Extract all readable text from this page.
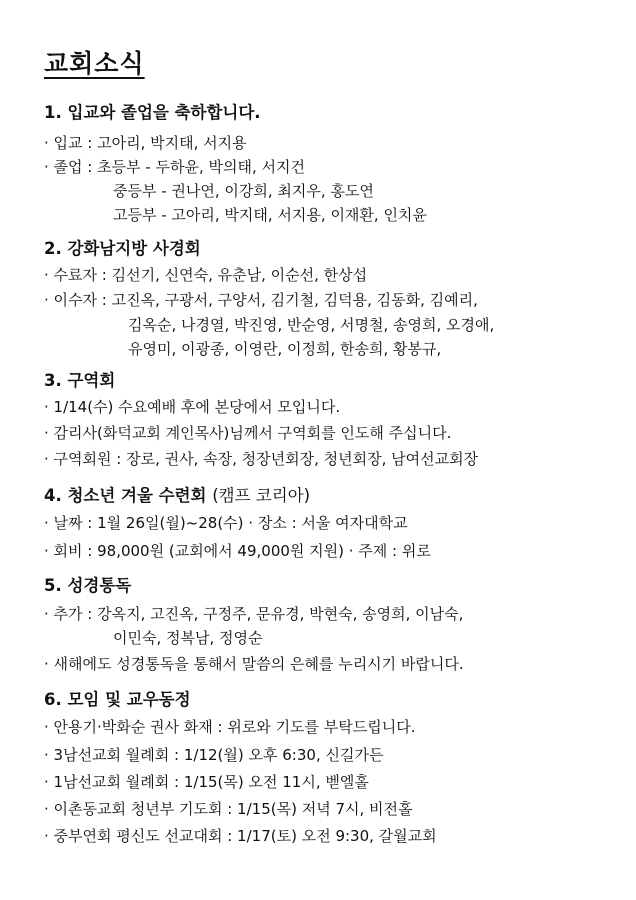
교회소식
1. 입교와 졸업을 축하합니다.
· 입교 : 고아리, 박지태, 서지용
· 졸업 : 초등부 - 두하윤, 박의태, 서지건
중등부 - 권나연, 이강희, 최지우, 홍도연
고등부 - 고아리, 박지태, 서지용, 이재환, 인치윤
2. 강화남지방 사경회
· 수료자 : 김선기, 신연숙, 유춘남, 이순선, 한상섭
· 이수자 : 고진옥, 구광서, 구양서, 김기철, 김덕용, 김동화, 김예리,
김옥순, 나경열, 박진영, 반순영, 서명철, 송영희, 오경애,
유영미, 이광종, 이영란, 이정희, 한송희, 황봉규,
3. 구역회
· 1/14(수) 수요예배 후에 본당에서 모입니다.
· 감리사(화덕교회 계인목사)님께서 구역회를 인도해 주십니다.
· 구역회원 : 장로, 권사, 속장, 청장년회장, 청년회장, 남여선교회장
4. 청소년 겨울 수련회 (캠프 코리아)
· 날짜 : 1월 26일(월)~28(수) · 장소 : 서울 여자대학교
· 회비 : 98,000원 (교회에서 49,000원 지원) · 주제 : 위로
5. 성경통독
· 추가 : 강옥지, 고진옥, 구정주, 문유경, 박현숙, 송영희, 이남숙,
이민숙, 정복남, 정영순
· 새해에도 성경통독을 통해서 말씀의 은혜를 누리시기 바랍니다.
6. 모임 및 교우동정
· 안용기·박화순 권사 화재 : 위로와 기도를 부탁드립니다.
· 3남선교회 월례회 : 1/12(월) 오후 6:30, 신길가든
· 1남선교회 월례회 : 1/15(목) 오전 11시, 벧엘홀
· 이촌동교회 청년부 기도회 : 1/15(목) 저녁 7시, 비전홀
· 중부연회 평신도 선교대회 : 1/17(토) 오전 9:30, 갈월교회
